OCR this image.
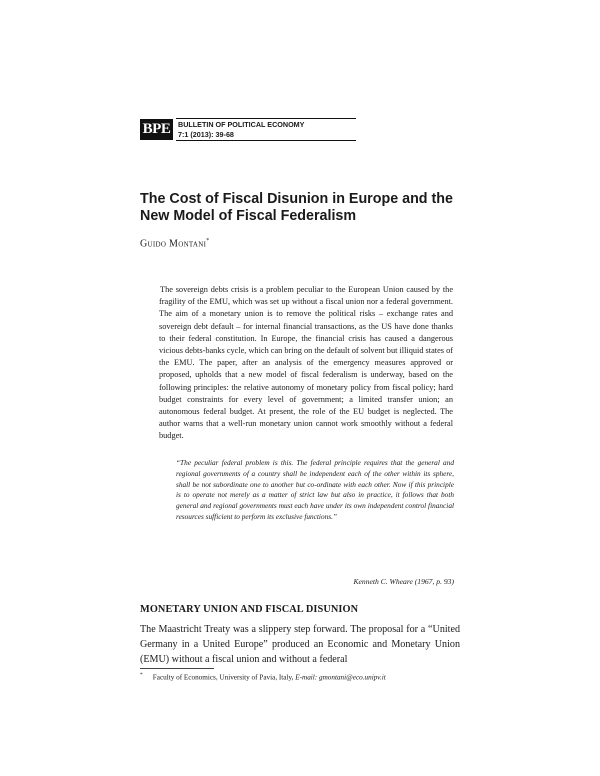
BPE	BULLETIN OF POLITICAL ECONOMY
7:1 (2013): 39-68
The Cost of Fiscal Disunion in Europe and the New Model of Fiscal Federalism
Guido Montani*

The sovereign debts crisis is a problem peculiar to the European Union caused by the fragility of the EMU, which was set up without a fiscal union nor a federal government. The aim of a monetary union is to remove the political risks – exchange rates and sovereign debt default – for internal financial transactions, as the US have done thanks to their federal constitution. In Europe, the financial crisis has caused a dangerous vicious debts-banks cycle, which can bring on the default of solvent but illiquid states of the EMU. The paper, after an analysis of the emergency measures approved or proposed, upholds that a new model of fiscal federalism is underway, based on the following principles: the relative autonomy of monetary policy from fiscal policy; hard budget constraints for every level of government; a limited transfer union; an autonomous federal budget. At present, the role of the EU budget is neglected. The author warns that a well-run monetary union cannot work smoothly without a federal budget.

“The peculiar federal problem is this. The federal principle requires that the general and regional governments of a country shall be independent each of the other within its sphere, shall be not subordinate one to another but co-ordinate with each other. Now if this principle is to operate not merely as a matter of strict law but also in practice, it follows that both general and regional governments must each have under its own independent control financial resources sufficient to perform its exclusive functions.”

Kenneth C. Wheare (1967, p. 93)
MONETARY UNION AND FISCAL DISUNION

The Maastricht Treaty was a slippery step forward. The proposal for a “United Germany in a United Europe” produced an Economic and Monetary Union (EMU) without a fiscal union and without a federal

* Faculty of Economics, University of Pavia, Italy, E-mail: gmontani@eco.unipv.it
